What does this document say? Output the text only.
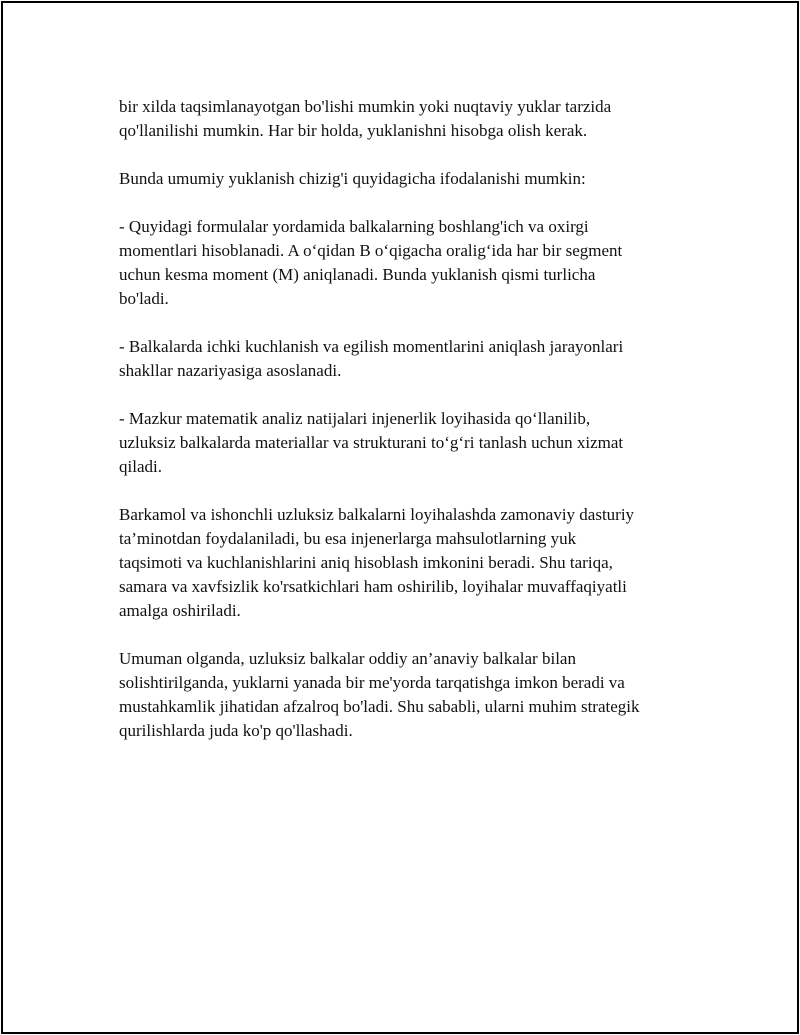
bir xilda taqsimlanayotgan bo'lishi mumkin yoki nuqtaviy yuklar tarzida
qo'llanilishi mumkin. Har bir holda, yuklanishni hisobga olish kerak.

Bunda umumiy yuklanish chizig'i quyidagicha ifodalanishi mumkin:

- Quyidagi formulalar yordamida balkalarning boshlang'ich va oxirgi
momentlari hisoblanadi. A o‘qidan B o‘qigacha oralig‘ida har bir segment
uchun kesma moment (M) aniqlanadi. Bunda yuklanish qismi turlicha
bo'ladi.

- Balkalarda ichki kuchlanish va egilish momentlarini aniqlash jarayonlari
shakllar nazariyasiga asoslanadi.

- Mazkur matematik analiz natijalari injenerlik loyihasida qo‘llanilib,
uzluksiz balkalarda materiallar va strukturani to‘g‘ri tanlash uchun xizmat
qiladi.

Barkamol va ishonchli uzluksiz balkalarni loyihalashda zamonaviy dasturiy
ta’minotdan foydalaniladi, bu esa injenerlarga mahsulotlarning yuk
taqsimoti va kuchlanishlarini aniq hisoblash imkonini beradi. Shu tariqa,
samara va xavfsizlik ko'rsatkichlari ham oshirilib, loyihalar muvaffaqiyatli
amalga oshiriladi.

Umuman olganda, uzluksiz balkalar oddiy an’anaviy balkalar bilan
solishtirilganda, yuklarni yanada bir me'yorda tarqatishga imkon beradi va
mustahkamlik jihatidan afzalroq bo'ladi. Shu sababli, ularni muhim strategik
qurilishlarda juda ko'p qo'llashadi.
